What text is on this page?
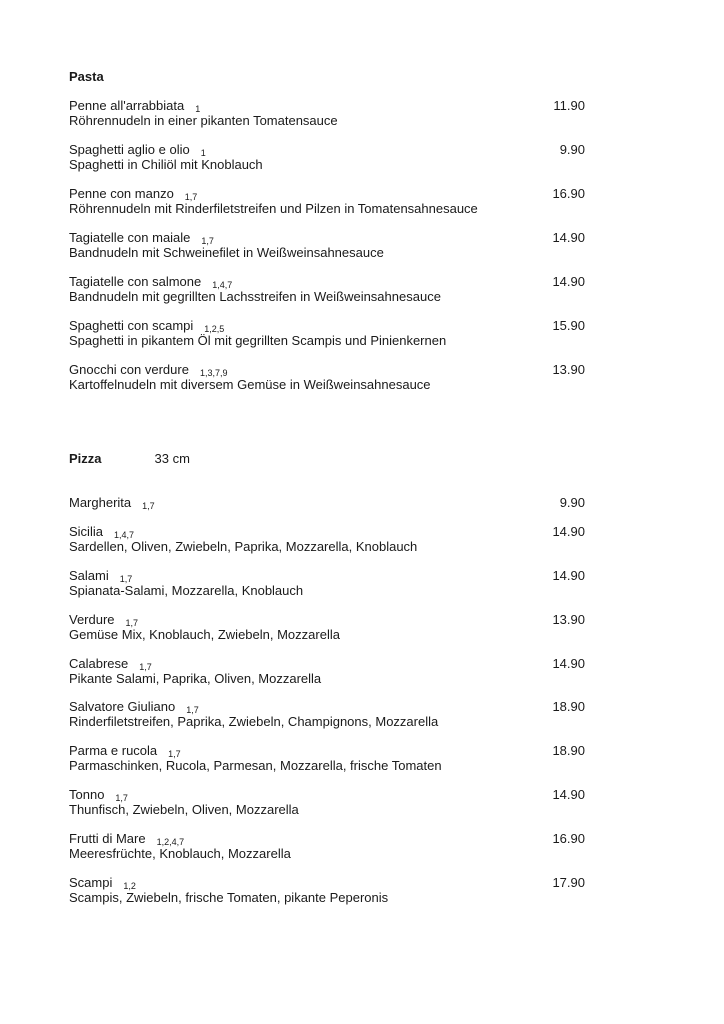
Pasta
Penne all'arrabbiata 1	11.90
Röhrennudeln in einer pikanten Tomatensauce
Spaghetti aglio e olio 1	9.90
Spaghetti in Chiliöl mit Knoblauch
Penne con manzo 1,7	16.90
Röhrennudeln mit Rinderfiletstreifen und Pilzen in Tomatensahnesauce
Tagiatelle con maiale 1,7	14.90
Bandnudeln mit Schweinefilet in Weißweinsahnesauce
Tagiatelle con salmone 1,4,7	14.90
Bandnudeln mit gegrillten Lachsstreifen in Weißweinsahnesauce
Spaghetti con scampi 1,2,5	15.90
Spaghetti in pikantem Öl mit gegrillten Scampis und Pinienkernen
Gnocchi con verdure 1,3,7,9	13.90
Kartoffelnudeln mit diversem Gemüse in Weißweinsahnesauce
Pizza	33 cm
Margherita 1,7	9.90
Sicilia 1,4,7	14.90
Sardellen, Oliven, Zwiebeln, Paprika, Mozzarella, Knoblauch
Salami 1,7	14.90
Spianata-Salami, Mozzarella, Knoblauch
Verdure 1,7	13.90
Gemüse Mix, Knoblauch, Zwiebeln, Mozzarella
Calabrese 1,7	14.90
Pikante Salami, Paprika, Oliven, Mozzarella
Salvatore Giuliano 1,7	18.90
Rinderfiletstreifen, Paprika, Zwiebeln, Champignons, Mozzarella
Parma e rucola 1,7	18.90
Parmaschinken, Rucola, Parmesan, Mozzarella, frische Tomaten
Tonno 1,7	14.90
Thunfisch, Zwiebeln, Oliven, Mozzarella
Frutti di Mare 1,2,4,7	16.90
Meeresfrüchte, Knoblauch, Mozzarella
Scampi 1,2	17.90
Scampis, Zwiebeln, frische Tomaten, pikante Peperonis
